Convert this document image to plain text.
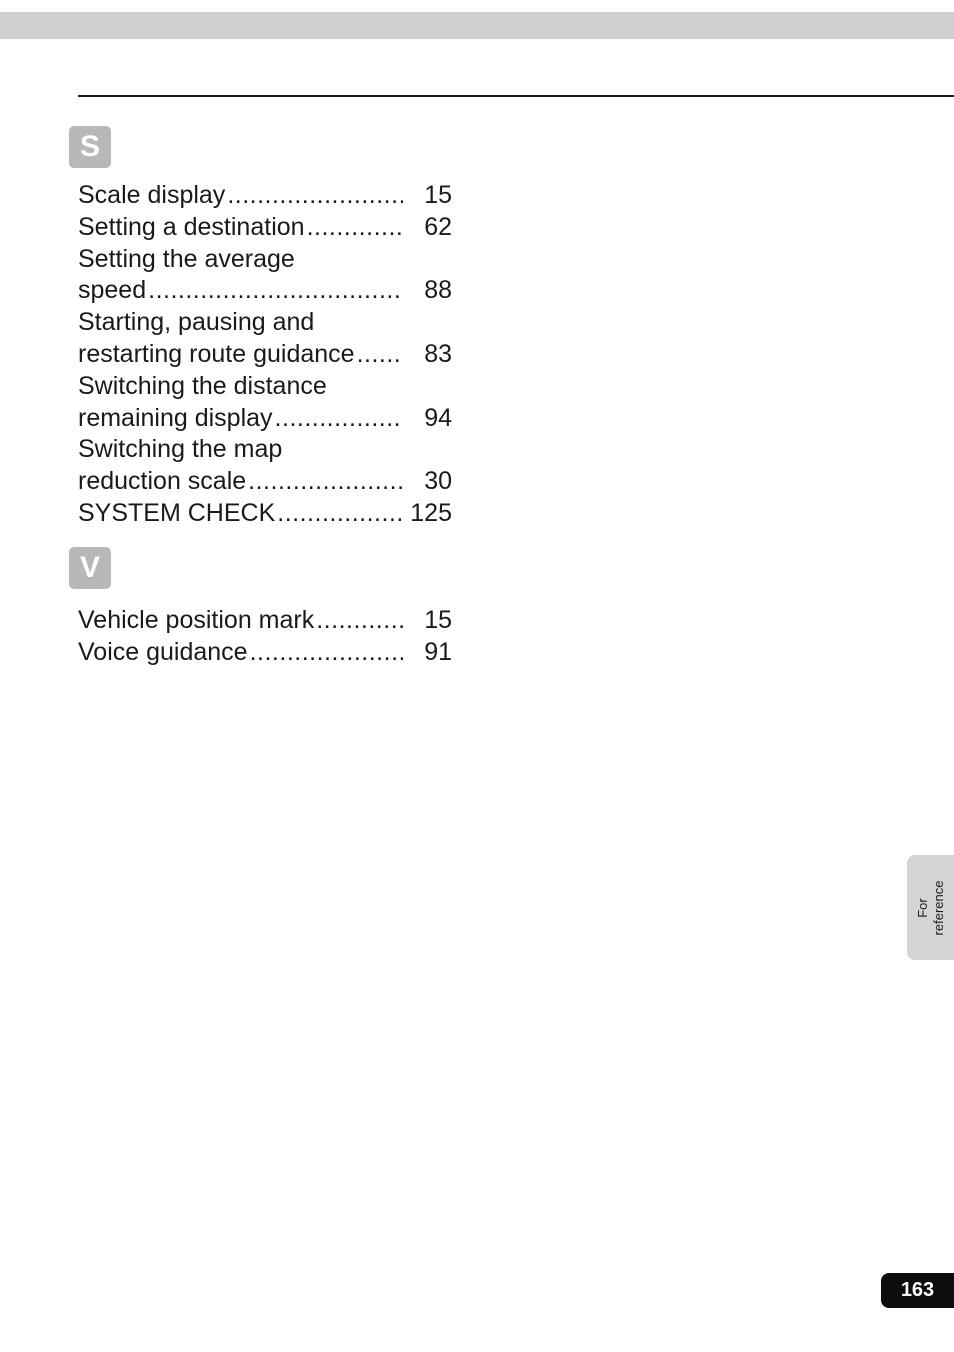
S
Scale display .....	15
Setting a destination .....	62
Setting the average
speed .....	88
Starting, pausing and
restarting route guidance .....	83
Switching the distance
remaining display .....	94
Switching the map
reduction scale .....	30
SYSTEM CHECK .....	125
V
Vehicle position mark .....	15
Voice guidance .....	91
For reference
163
